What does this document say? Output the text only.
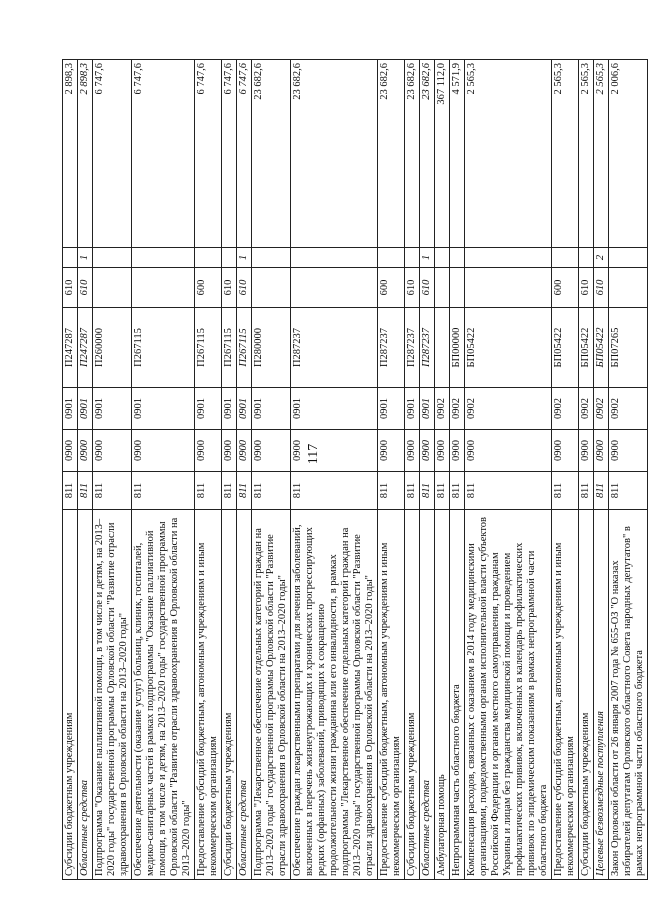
117
Субсидии бюджетным учреждениям	811	0900	0901	П247287	610		2 898,3
Областные средства	811	0900	0901	П247287	610	1	2 898,3
Подпрограмма "Оказание паллиативной помощи, в том числе и детям, на 2013–2020 годы" государственной программы Орловской области "Развитие отрасли здравоохранения в Орловской области на 2013–2020 годы"	811	0900	0901	П260000			6 747,6
Обеспечение деятельности (оказание услуг) больниц, клиник, госпиталей, медико-санитарных частей в рамках подпрограммы "Оказание паллиативной помощи, в том числе и детям, на 2013–2020 годы" государственной программы Орловской области "Развитие отрасли здравоохранения в Орловской области на 2013–2020 годы"	811	0900	0901	П267115			6 747,6
Предоставление субсидий бюджетным, автономным учреждениям и иным некоммерческим организациям	811	0900	0901	П267115	600		6 747,6
Субсидии бюджетным учреждениям	811	0900	0901	П267115	610		6 747,6
Областные средства	811	0900	0901	П267115	610	1	6 747,6
Подпрограмма "Лекарственное обеспечение отдельных категорий граждан на 2013–2020 годы" государственной программы Орловской области "Развитие отрасли здравоохранения в Орловской области на 2013–2020 годы"	811	0900	0901	П280000			23 682,6
Обеспечение граждан лекарственными препаратами для лечения заболеваний, включенных в перечень жизнеугрожающих и хронических прогрессирующих редких (орфанных) заболеваний, приводящих к сокращению продолжительности жизни гражданина или его инвалидности, в рамках подпрограммы "Лекарственное обеспечение отдельных категорий граждан на 2013–2020 годы" государственной программы Орловской области "Развитие отрасли здравоохранения в Орловской области на 2013–2020 годы"	811	0900	0901	П287237			23 682,6
Предоставление субсидий бюджетным, автономным учреждениям и иным некоммерческим организациям	811	0900	0901	П287237	600		23 682,6
Субсидии бюджетным учреждениям	811	0900	0901	П287237	610		23 682,6
Областные средства	811	0900	0901	П287237	610	1	23 682,6
Амбулаторная помощь	811	0900	0902				367 112,0
Непрограммная часть областного бюджета	811	0900	0902	БП00000			4 571,9
Компенсация расходов, связанных с оказанием в 2014 году медицинскими организациями, подведомственными органам исполнительной власти субъектов Российской Федерации и органам местного самоуправления, гражданам Украины и лицам без гражданства медицинской помощи и проведением профилактических прививок, включенных в календарь профилактических прививок по эпидемическим показаниям в рамках непрограммной части областного бюджета	811	0900	0902	БП05422			2 565,3
Предоставление субсидий бюджетным, автономным учреждениям и иным некоммерческим организациям	811	0900	0902	БП05422	600		2 565,3
Субсидии бюджетным учреждениям	811	0900	0902	БП05422	610		2 565,3
Целевые безвозмездные поступления	811	0900	0902	БП05422	610	2	2 565,3
Закон Орловской области от 26 января 2007 года № 655-ОЗ "О наказах избирателей депутатам Орловского областного Совета народных депутатов" в рамках непрограммной части областного бюджета	811	0900	0902	БП07265			2 006,6
